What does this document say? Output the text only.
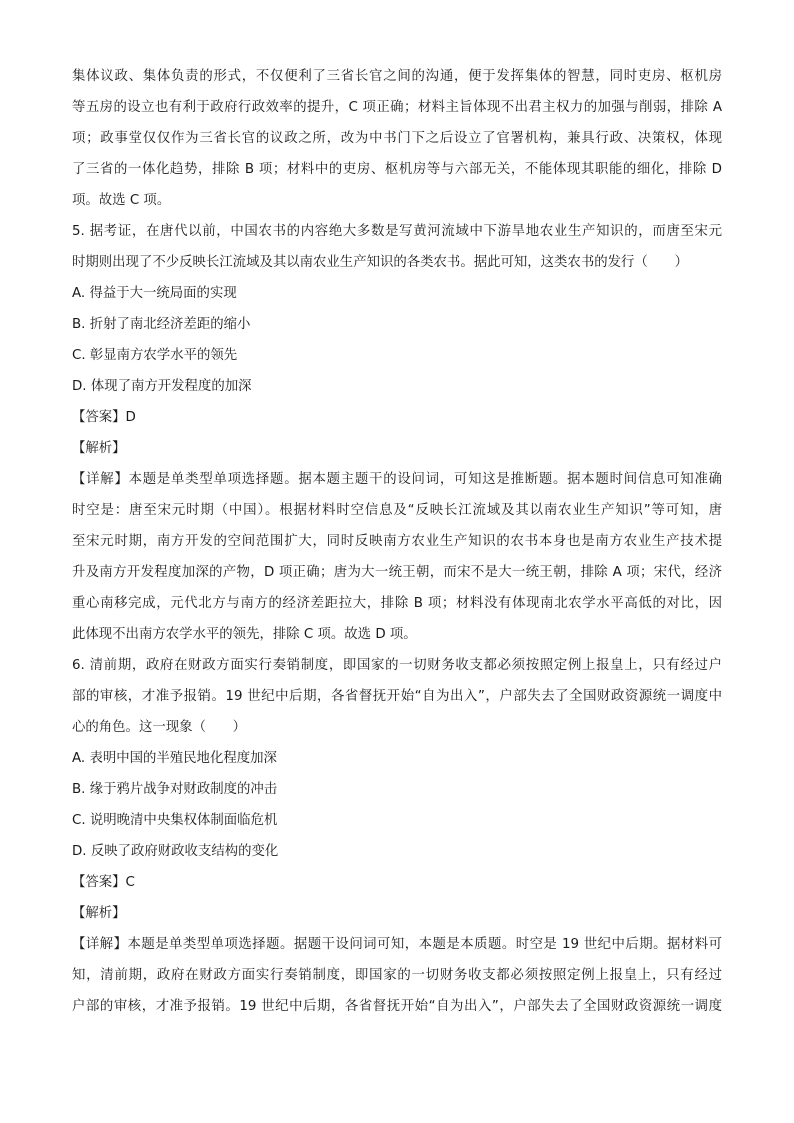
集体议政、集体负责的形式，不仅便利了三省长官之间的沟通，便于发挥集体的智慧，同时吏房、枢机房
等五房的设立也有利于政府行政效率的提升，C 项正确；材料主旨体现不出君主权力的加强与削弱，排除 A
项；政事堂仅仅作为三省长官的议政之所，改为中书门下之后设立了官署机构，兼具行政、决策权，体现
了三省的一体化趋势，排除 B 项；材料中的吏房、枢机房等与六部无关，不能体现其职能的细化，排除 D
项。故选 C 项。
5. 据考证，在唐代以前，中国农书的内容绝大多数是写黄河流域中下游旱地农业生产知识的，而唐至宋元
时期则出现了不少反映长江流域及其以南农业生产知识的各类农书。据此可知，这类农书的发行（　　）
A. 得益于大一统局面的实现
B. 折射了南北经济差距的缩小
C. 彰显南方农学水平的领先
D. 体现了南方开发程度的加深
【答案】D
【解析】
【详解】本题是单类型单项选择题。据本题主题干的设问词，可知这是推断题。据本题时间信息可知准确
时空是：唐至宋元时期（中国）。根据材料时空信息及“反映长江流域及其以南农业生产知识”等可知，唐
至宋元时期，南方开发的空间范围扩大，同时反映南方农业生产知识的农书本身也是南方农业生产技术提
升及南方开发程度加深的产物，D 项正确；唐为大一统王朝，而宋不是大一统王朝，排除 A 项；宋代，经济
重心南移完成，元代北方与南方的经济差距拉大，排除 B 项；材料没有体现南北农学水平高低的对比，因
此体现不出南方农学水平的领先，排除 C 项。故选 D 项。
6. 清前期，政府在财政方面实行奏销制度，即国家的一切财务收支都必须按照定例上报皇上，只有经过户
部的审核，才准予报销。19 世纪中后期，各省督抚开始“自为出入”，户部失去了全国财政资源统一调度中
心的角色。这一现象（　　）
A. 表明中国的半殖民地化程度加深
B. 缘于鸦片战争对财政制度的冲击
C. 说明晚清中央集权体制面临危机
D. 反映了政府财政收支结构的变化
【答案】C
【解析】
【详解】本题是单类型单项选择题。据题干设问词可知，本题是本质题。时空是 19 世纪中后期。据材料可
知，清前期，政府在财政方面实行奏销制度，即国家的一切财务收支都必须按照定例上报皇上，只有经过
户部的审核，才准予报销。19 世纪中后期，各省督抚开始“自为出入”，户部失去了全国财政资源统一调度
